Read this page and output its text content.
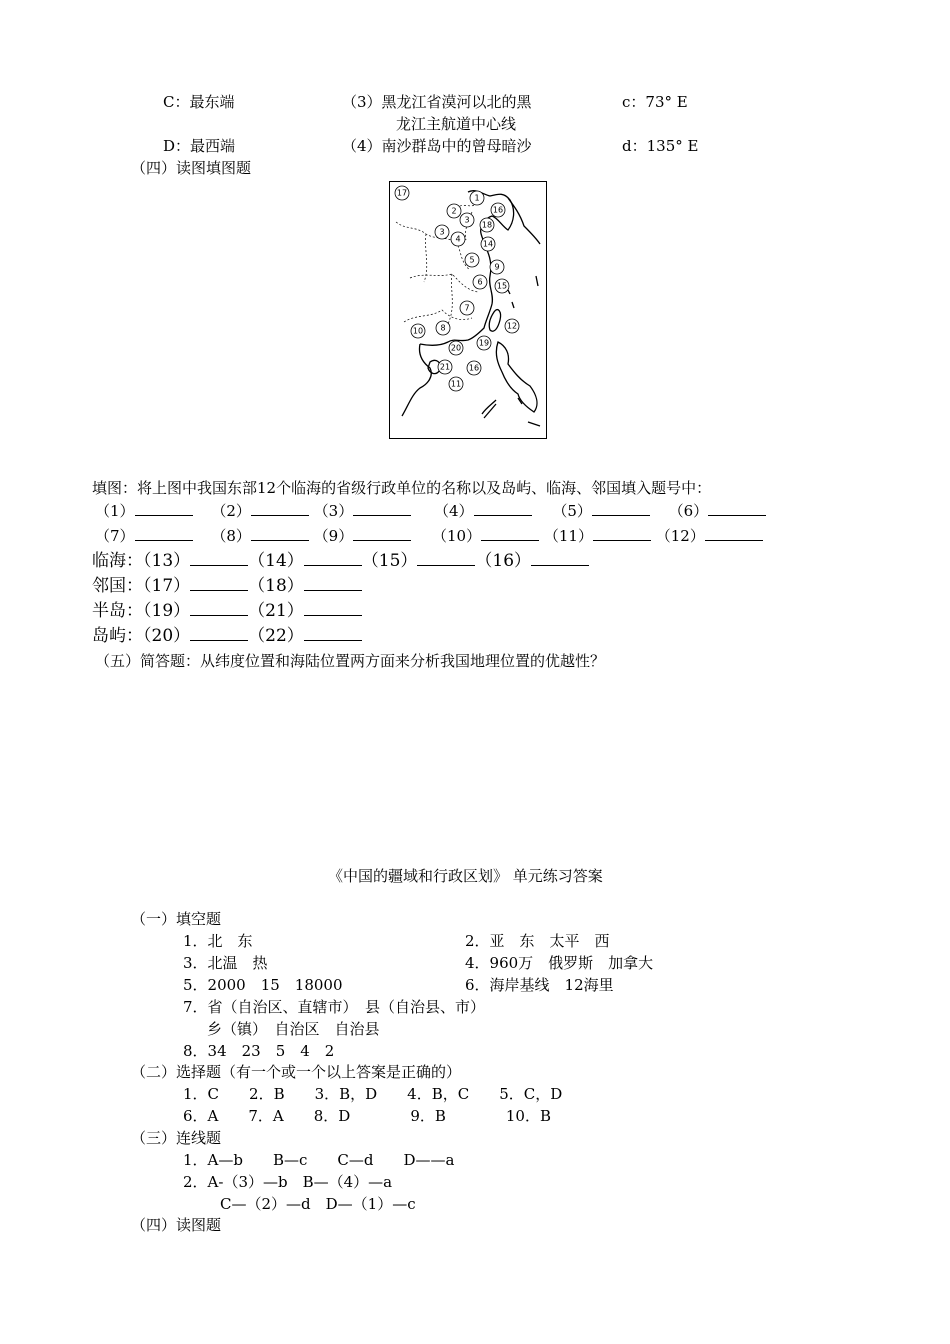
C：最东端	（3）黑龙江省漠河以北的黑	c：73° E
龙江主航道中心线
D：最西端	（4）南沙群岛中的曾母暗沙	d：135° E
（四）读图填图题
17
1
2	16
3
18
3
4
14
5
9
6 15
7
12
10 8
19
20
21 16
11
填图：将上图中我国东部12个临海的省级行政单位的名称以及岛屿、临海、邻国填入题号中：
（1）	（2）	（3）	（4）	（5）	（6）
（7）	（8）	（9）	（10）	（11）	（12）
临海：（13）	（14）	（15）	（16）
邻国：（17）	（18）
半岛：（19）	（21）
岛屿：（20）	（22）
（五）简答题：从纬度位置和海陆位置两方面来分析我国地理位置的优越性？
《中国的疆域和行政区划》 单元练习答案
（一）填空题
1．北　东	2．亚　东　太平　西
3．北温　热	4．960万　俄罗斯　加拿大
5．2000　15　18000	6．海岸基线　12海里
7．省（自治区、直辖市）　县（自治县、市）
乡（镇）　自治区　自治县
8．34　23　5　4　2
（二）选择题（有一个或一个以上答案是正确的）
1．C　　2．B　　3．B，D　　4．B，C　　5．C，D
6．A　　7．A　　8．D　　　　9．B　　　　10．B
（三）连线题
1．A—b　　B—c　　C—d　　D——a
2．A-（3）—b　B—（4）—a
C—（2）—d　D—（1）—c
（四）读图题
